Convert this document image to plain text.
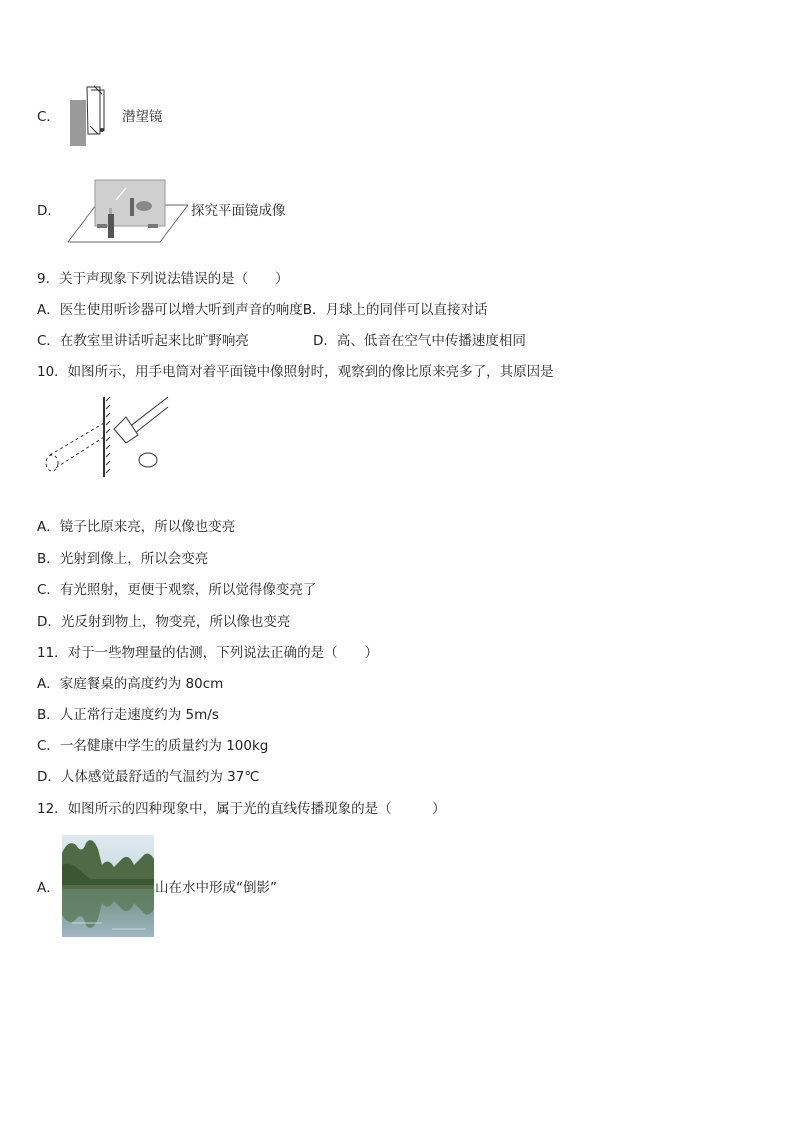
C．	潜望镜
D．	探究平面镜成像
9．关于声现象下列说法错误的是（　　）
A．医生使用听诊器可以增大听到声音的响度B．月球上的同伴可以直接对话
C．在教室里讲话听起来比旷野响亮	D．高、低音在空气中传播速度相同
10．如图所示，用手电筒对着平面镜中像照射时，观察到的像比原来亮多了，其原因是
A．镜子比原来亮，所以像也变亮
B．光射到像上，所以会变亮
C．有光照射，更便于观察，所以觉得像变亮了
D．光反射到物上，物变亮，所以像也变亮
11．对于一些物理量的估测，下列说法正确的是（　　）
A．家庭餐桌的高度约为 80cm
B．人正常行走速度约为 5m/s
C．一名健康中学生的质量约为 100kg
D．人体感觉最舒适的气温约为 37℃
12．如图所示的四种现象中，属于光的直线传播现象的是（　　　）
A．	山在水中形成“倒影”
